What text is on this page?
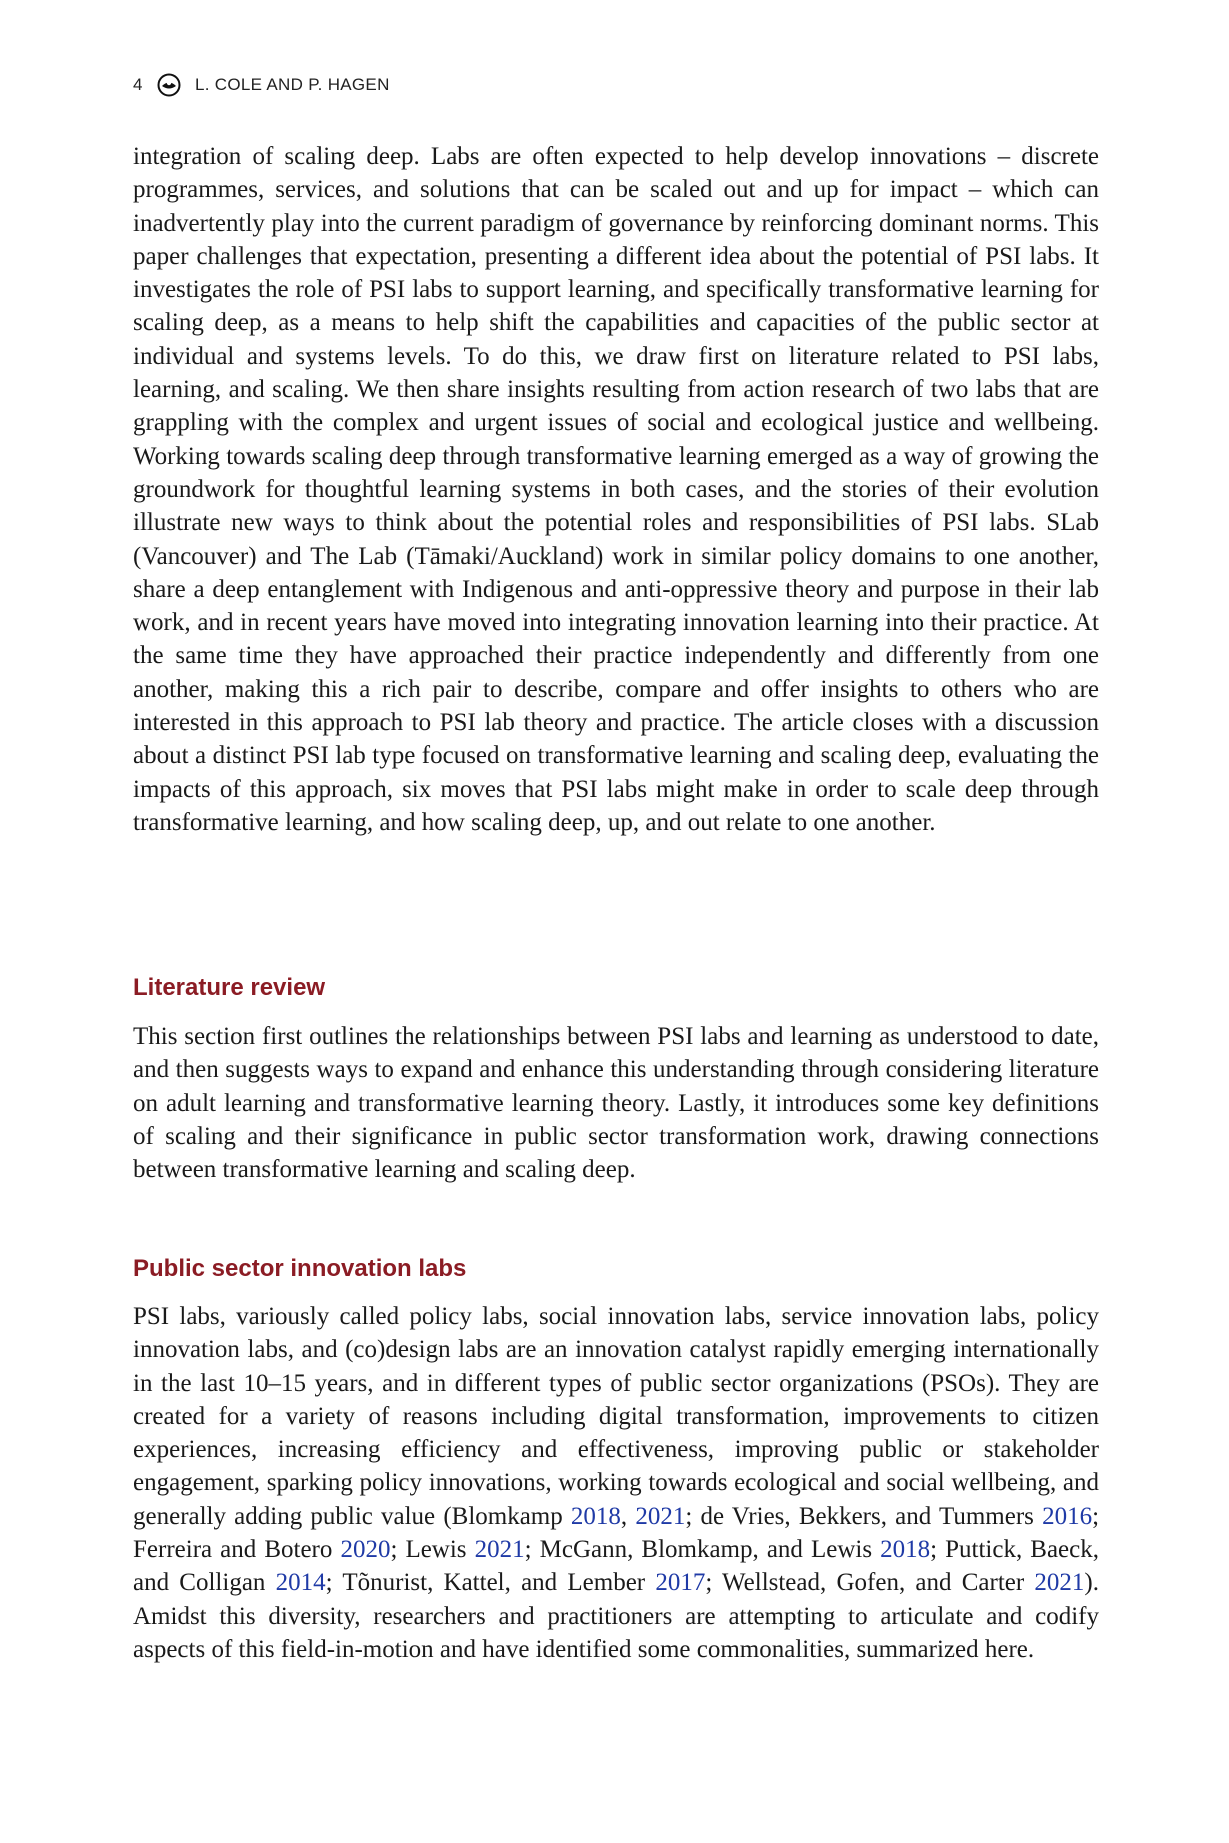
4	L. COLE AND P. HAGEN

integration of scaling deep. Labs are often expected to help develop innovations – discrete programmes, services, and solutions that can be scaled out and up for impact – which can inadvertently play into the current paradigm of governance by reinforcing dominant norms. This paper challenges that expectation, presenting a different idea about the potential of PSI labs. It investigates the role of PSI labs to support learning, and specifically transformative learning for scaling deep, as a means to help shift the capabilities and capacities of the public sector at individual and systems levels. To do this, we draw first on literature related to PSI labs, learning, and scaling. We then share insights resulting from action research of two labs that are grappling with the complex and urgent issues of social and ecological justice and wellbeing. Working towards scaling deep through transformative learning emerged as a way of growing the groundwork for thoughtful learning systems in both cases, and the stories of their evolution illustrate new ways to think about the potential roles and responsibilities of PSI labs. SLab (Vancouver) and The Lab (Tāmaki/Auckland) work in similar policy domains to one another, share a deep entanglement with Indigenous and anti-oppressive theory and purpose in their lab work, and in recent years have moved into integrating innovation learning into their practice. At the same time they have approached their practice independently and differently from one another, making this a rich pair to describe, compare and offer insights to others who are interested in this approach to PSI lab theory and practice. The article closes with a discussion about a distinct PSI lab type focused on transformative learning and scaling deep, evaluating the impacts of this approach, six moves that PSI labs might make in order to scale deep through transformative learning, and how scaling deep, up, and out relate to one another.

Literature review

This section first outlines the relationships between PSI labs and learning as understood to date, and then suggests ways to expand and enhance this understanding through considering literature on adult learning and transformative learning theory. Lastly, it introduces some key definitions of scaling and their significance in public sector transformation work, drawing connections between transformative learning and scaling deep.

Public sector innovation labs

PSI labs, variously called policy labs, social innovation labs, service innovation labs, policy innovation labs, and (co)design labs are an innovation catalyst rapidly emerging internationally in the last 10–15 years, and in different types of public sector organizations (PSOs). They are created for a variety of reasons including digital transformation, improvements to citizen experiences, increasing efficiency and effectiveness, improving public or stakeholder engagement, sparking policy innovations, working towards ecological and social wellbeing, and generally adding public value (Blomkamp 2018, 2021; de Vries, Bekkers, and Tummers 2016; Ferreira and Botero 2020; Lewis 2021; McGann, Blomkamp, and Lewis 2018; Puttick, Baeck, and Colligan 2014; Tõnurist, Kattel, and Lember 2017; Wellstead, Gofen, and Carter 2021). Amidst this diversity, researchers and practitioners are attempting to articulate and codify aspects of this field-in-motion and have identified some commonalities, summarized here.
